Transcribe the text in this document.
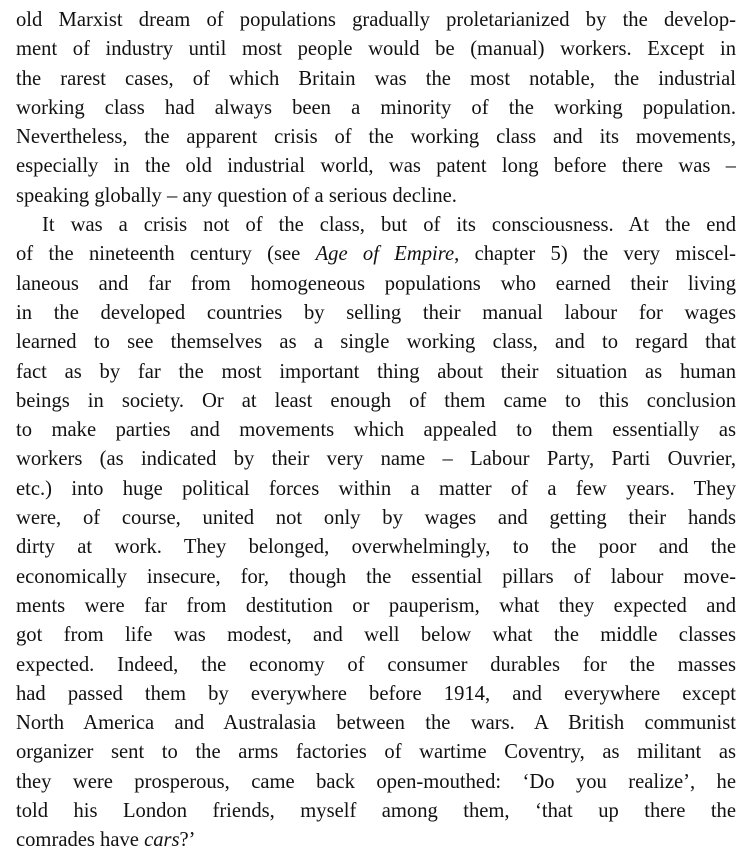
old Marxist dream of populations gradually proletarianized by the develop-
ment of industry until most people would be (manual) workers. Except in
the rarest cases, of which Britain was the most notable, the industrial
working class had always been a minority of the working population.
Nevertheless, the apparent crisis of the working class and its movements,
especially in the old industrial world, was patent long before there was –
speaking globally – any question of a serious decline.
It was a crisis not of the class, but of its consciousness. At the end
of the nineteenth century (see Age of Empire, chapter 5) the very miscel-
laneous and far from homogeneous populations who earned their living
in the developed countries by selling their manual labour for wages
learned to see themselves as a single working class, and to regard that
fact as by far the most important thing about their situation as human
beings in society. Or at least enough of them came to this conclusion
to make parties and movements which appealed to them essentially as
workers (as indicated by their very name – Labour Party, Parti Ouvrier,
etc.) into huge political forces within a matter of a few years. They
were, of course, united not only by wages and getting their hands
dirty at work. They belonged, overwhelmingly, to the poor and the
economically insecure, for, though the essential pillars of labour move-
ments were far from destitution or pauperism, what they expected and
got from life was modest, and well below what the middle classes
expected. Indeed, the economy of consumer durables for the masses
had passed them by everywhere before 1914, and everywhere except
North America and Australasia between the wars. A British communist
organizer sent to the arms factories of wartime Coventry, as militant as
they were prosperous, came back open-mouthed: ‘Do you realize’, he
told his London friends, myself among them, ‘that up there the
comrades have cars?’
